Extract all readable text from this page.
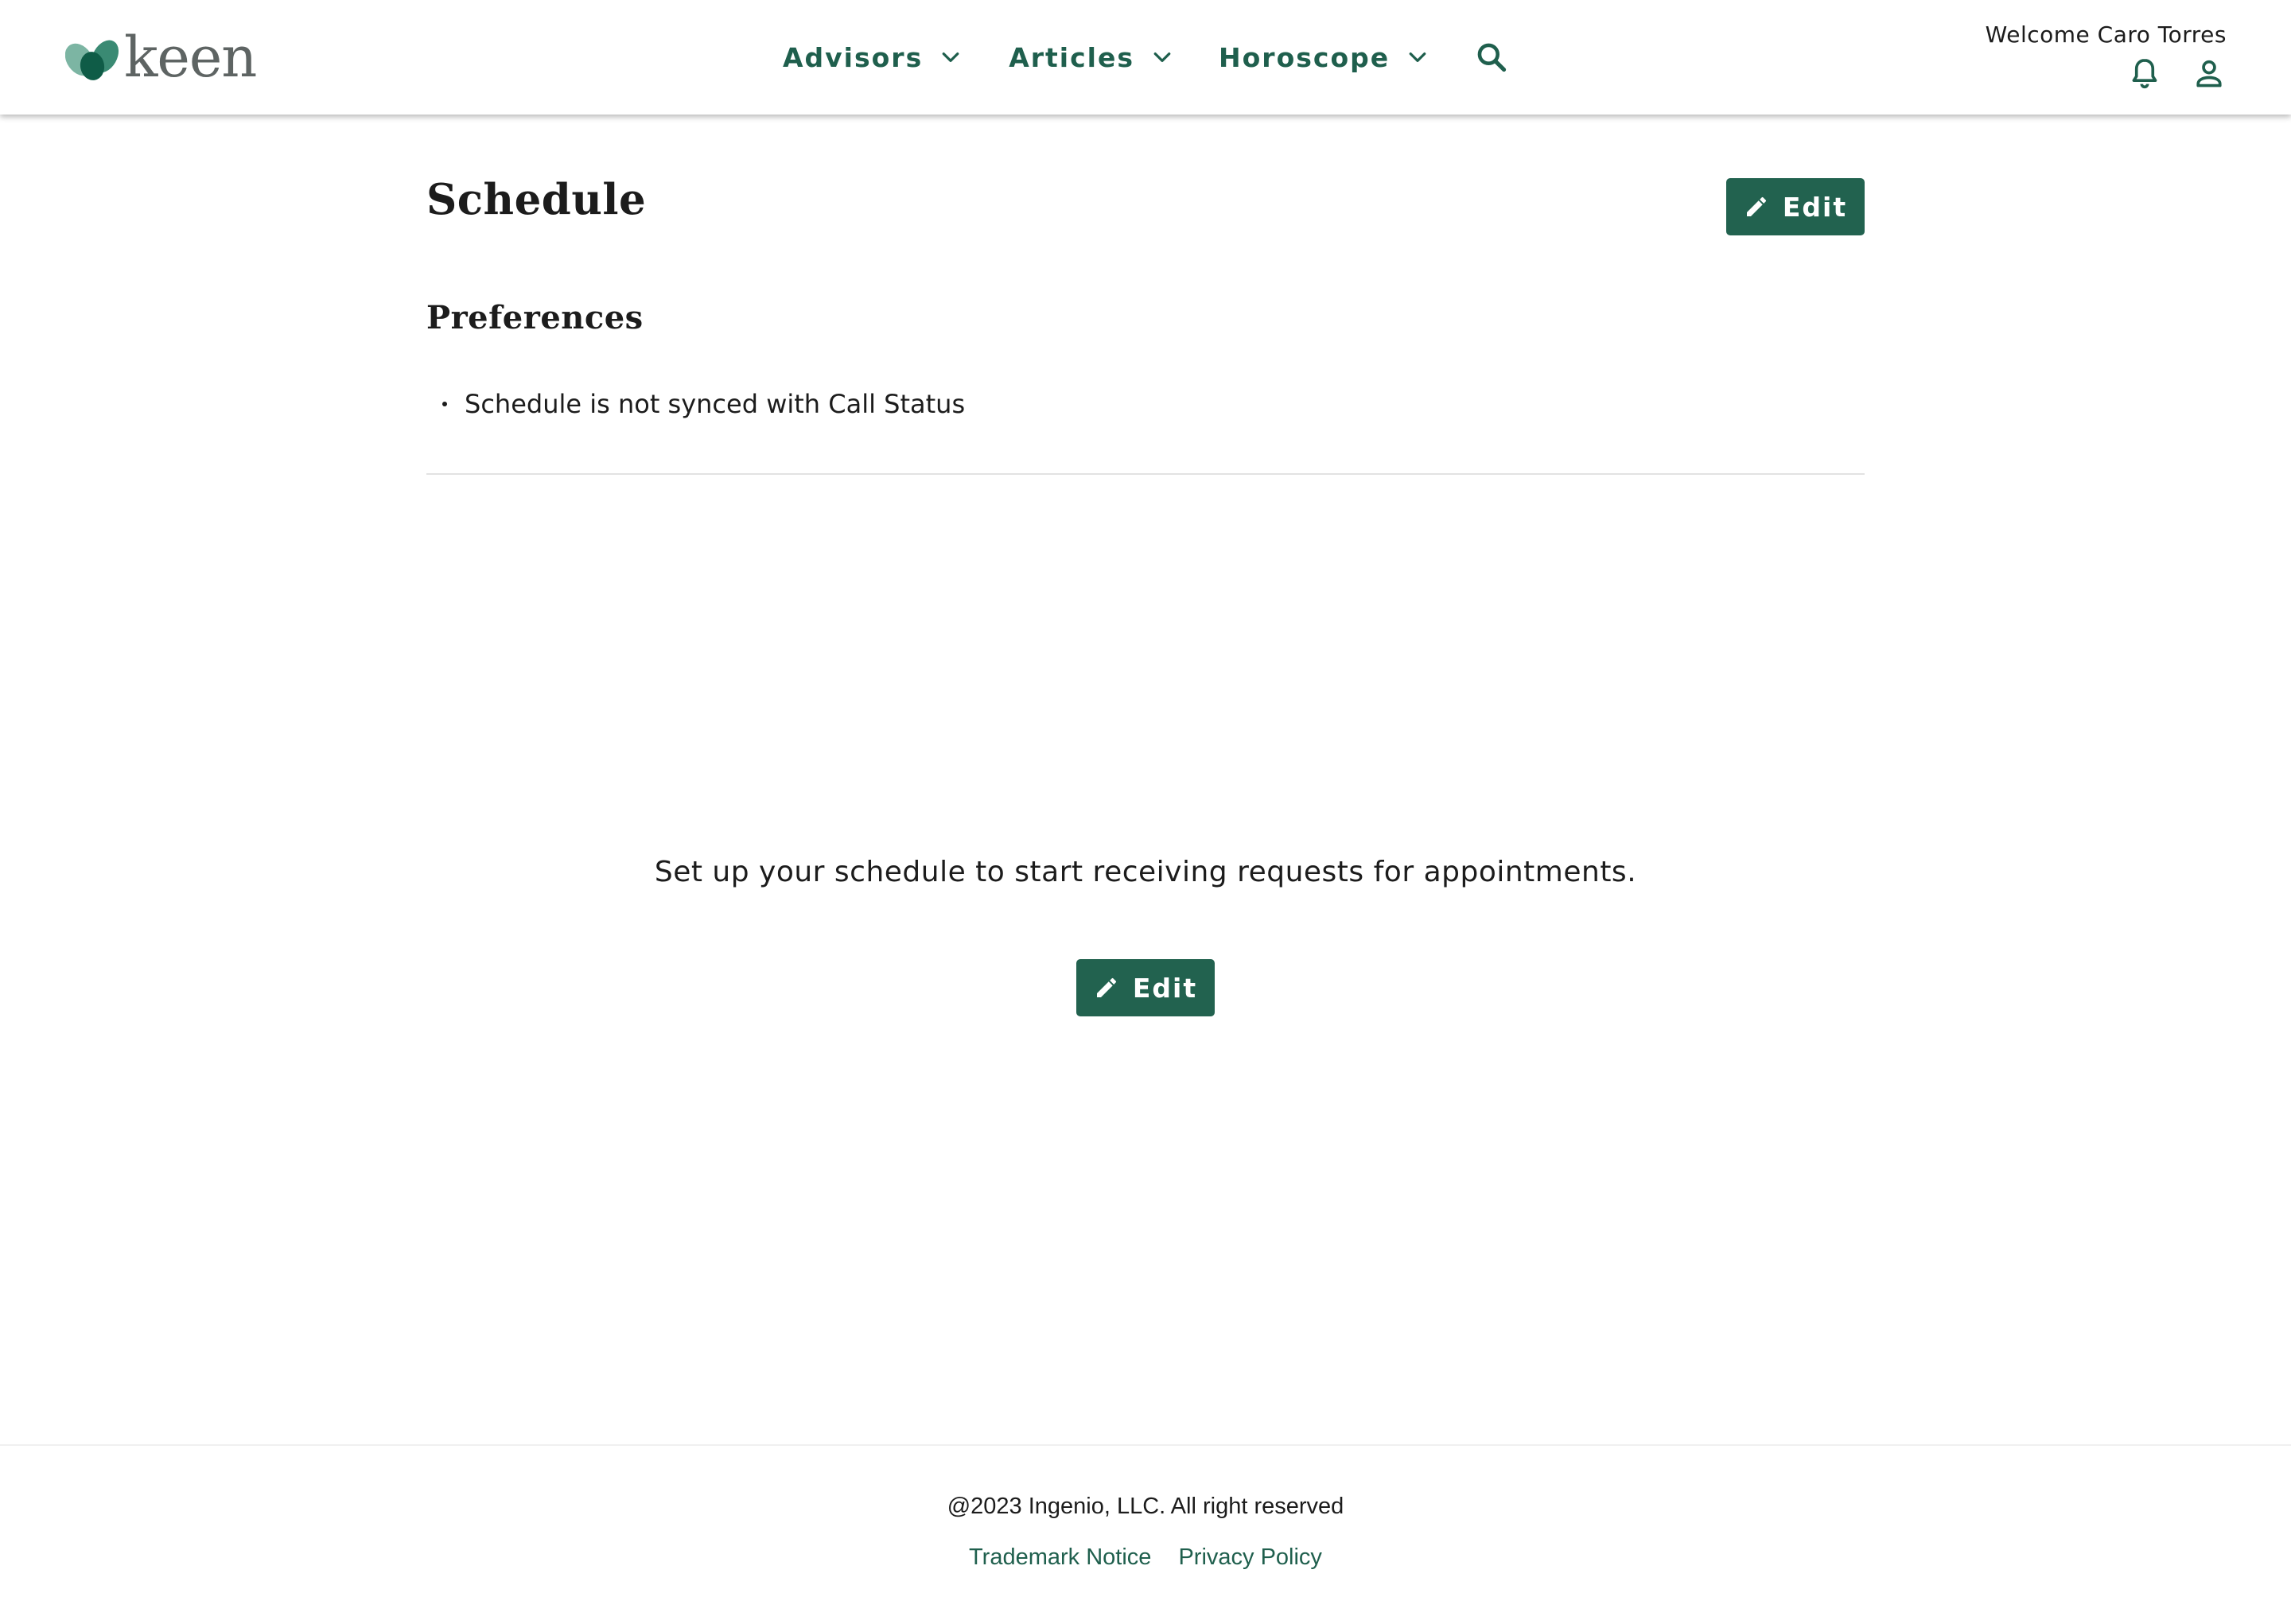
keen	Advisors	Articles	Horoscope
Welcome Caro Torres
Schedule	Edit
Preferences
Schedule is not synced with Call Status

Set up your schedule to start receiving requests for appointments.

Edit
@2023 Ingenio, LLC. All right reserved
Trademark Notice Privacy Policy
